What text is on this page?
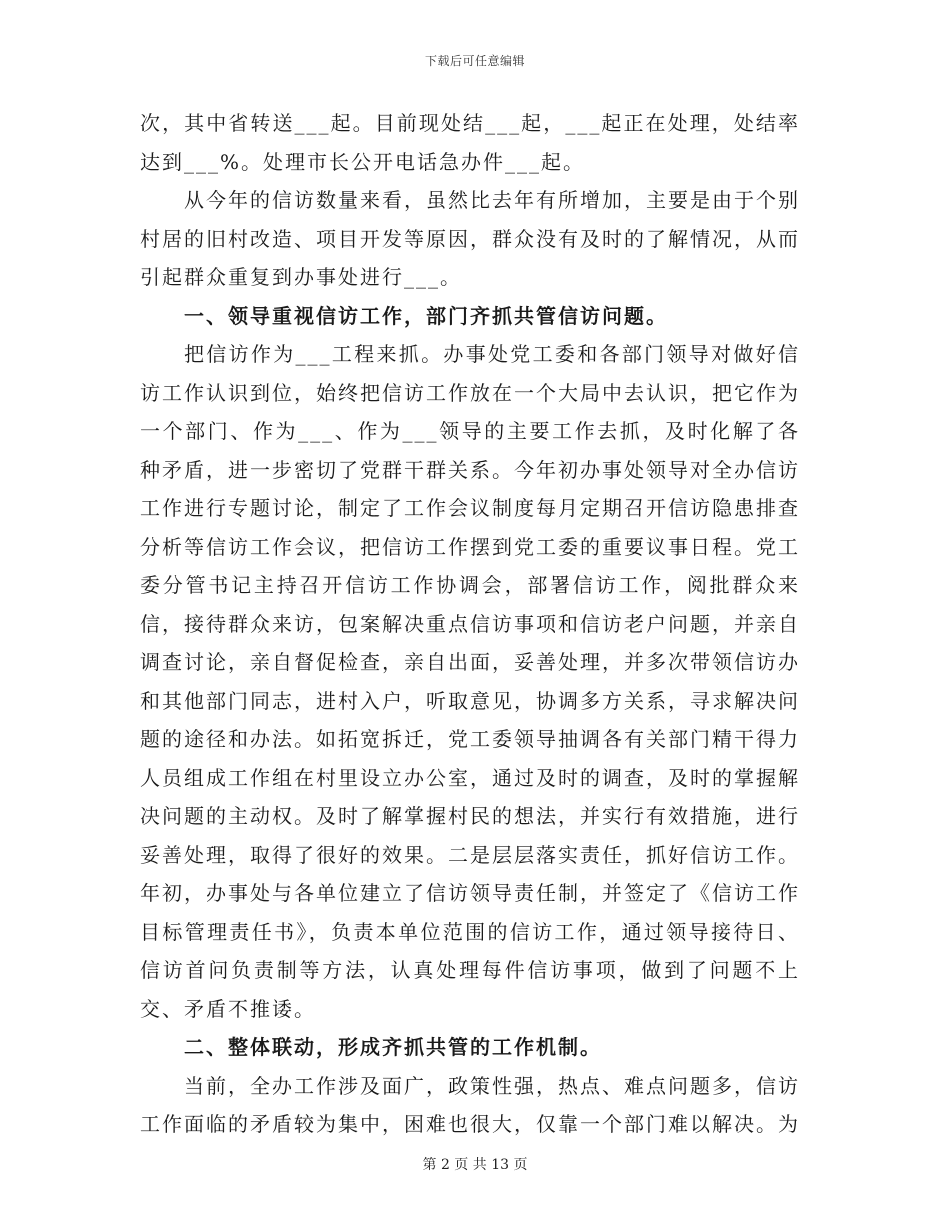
下载后可任意编辑

次，其中省转送___起。目前现处结___起，___起正在处理，处结率达到___%。处理市长公开电话急办件___起。

从今年的信访数量来看，虽然比去年有所增加，主要是由于个别村居的旧村改造、项目开发等原因，群众没有及时的了解情况，从而引起群众重复到办事处进行___。

一、领导重视信访工作，部门齐抓共管信访问题。

把信访作为___工程来抓。办事处党工委和各部门领导对做好信访工作认识到位，始终把信访工作放在一个大局中去认识，把它作为一个部门、作为___、作为___领导的主要工作去抓，及时化解了各种矛盾，进一步密切了党群干群关系。今年初办事处领导对全办信访工作进行专题讨论，制定了工作会议制度每月定期召开信访隐患排查分析等信访工作会议，把信访工作摆到党工委的重要议事日程。党工委分管书记主持召开信访工作协调会，部署信访工作，阅批群众来信，接待群众来访，包案解决重点信访事项和信访老户问题，并亲自调查讨论，亲自督促检查，亲自出面，妥善处理，并多次带领信访办和其他部门同志，进村入户，听取意见，协调多方关系，寻求解决问题的途径和办法。如拓宽拆迁，党工委领导抽调各有关部门精干得力人员组成工作组在村里设立办公室，通过及时的调查，及时的掌握解决问题的主动权。及时了解掌握村民的想法，并实行有效措施，进行妥善处理，取得了很好的效果。二是层层落实责任，抓好信访工作。年初，办事处与各单位建立了信访领导责任制，并签定了《信访工作目标管理责任书》，负责本单位范围的信访工作，通过领导接待日、信访首问负责制等方法，认真处理每件信访事项，做到了问题不上交、矛盾不推诿。

二、整体联动，形成齐抓共管的工作机制。

当前，全办工作涉及面广，政策性强，热点、难点问题多，信访工作面临的矛盾较为集中，困难也很大，仅靠一个部门难以解决。为

第 2 页 共 13 页
